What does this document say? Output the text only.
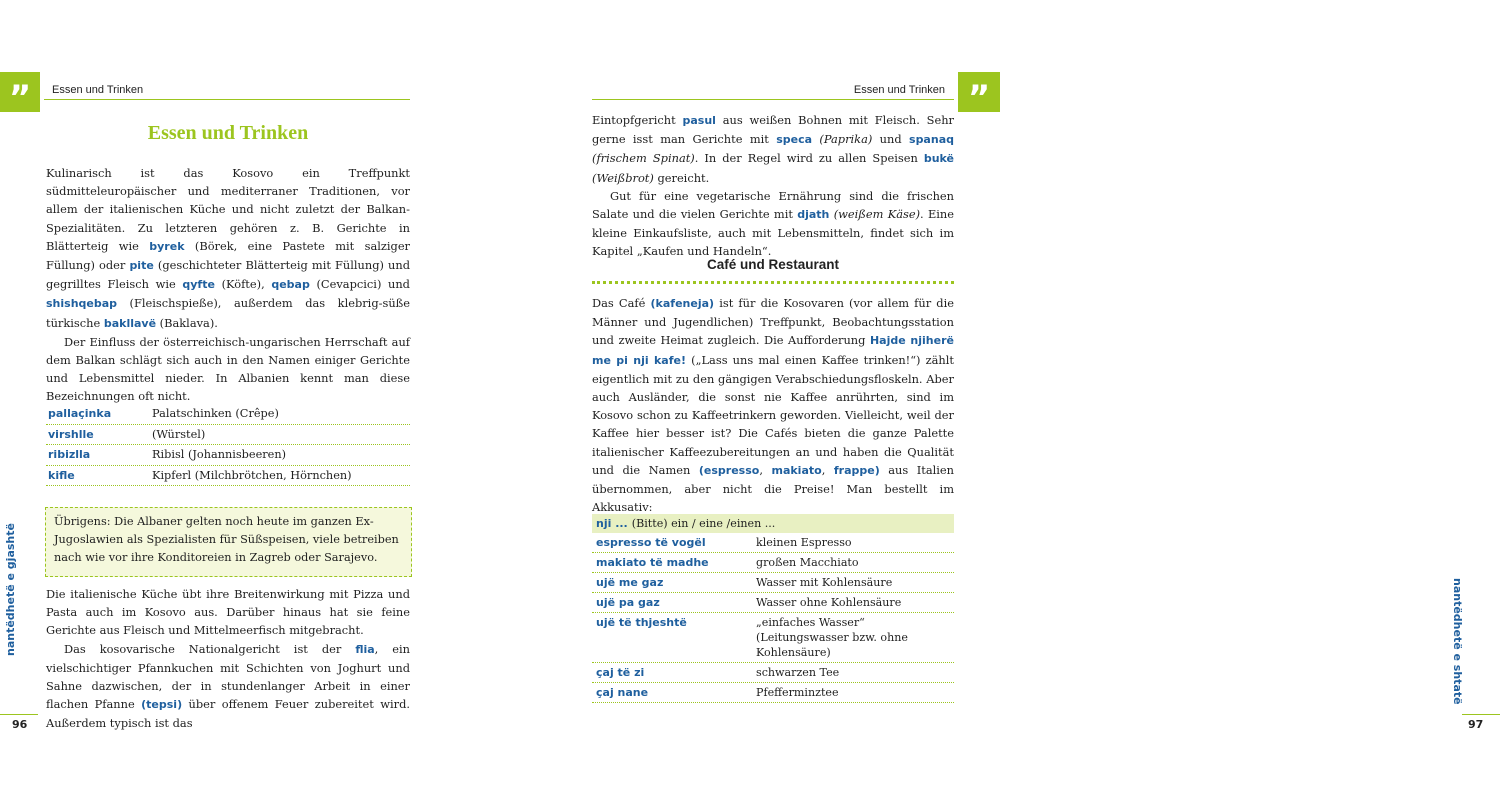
”	Essen und Trinken
Essen und Trinken

Kulinarisch ist das Kosovo ein Treffpunkt südmitteleuropäischer und mediterraner Traditionen, vor allem der italienischen Küche und nicht zuletzt der Balkan-Spezialitäten. Zu letzteren gehören z. B. Gerichte in Blätterteig wie byrek (Börek, eine Pastete mit salziger Füllung) oder pite (geschichteter Blätterteig mit Füllung) und gegrilltes Fleisch wie qyfte (Köfte), qebap (Cevapcici) und shishqebap (Fleischspieße), außerdem das klebrig-süße türkische bakllavë (Baklava).

Der Einfluss der österreichisch-ungarischen Herrschaft auf dem Balkan schlägt sich auch in den Namen einiger Gerichte und Lebensmittel nieder. In Albanien kennt man diese Bezeichnungen oft nicht.

pallaçinka	Palatschinken (Crêpe)
virshlle	(Würstel)
ribizlla	Ribisl (Johannisbeeren)
kifle	Kipferl (Milchbrötchen, Hörnchen)
Übrigens: Die Albaner gelten noch heute im ganzen Ex-Jugoslawien als Spezialisten für Süßspeisen, viele betreiben nach wie vor ihre Konditoreien in Zagreb oder Sarajevo.

Die italienische Küche übt ihre Breitenwirkung mit Pizza und Pasta auch im Kosovo aus. Darüber hinaus hat sie feine Gerichte aus Fleisch und Mittelmeerfisch mitgebracht.

Das kosovarische Nationalgericht ist der flia, ein vielschichtiger Pfannkuchen mit Schichten von Joghurt und Sahne dazwischen, der in stundenlanger Arbeit in einer flachen Pfanne (tepsi) über offenem Feuer zubereitet wird. Außerdem typisch ist das

nantëdhetë e gjashtë
96
”
Essen und Trinken

Eintopfgericht pasul aus weißen Bohnen mit Fleisch. Sehr gerne isst man Gerichte mit speca (Paprika) und spanaq (frischem Spinat). In der Regel wird zu allen Speisen bukë (Weißbrot) gereicht.

Gut für eine vegetarische Ernährung sind die frischen Salate und die vielen Gerichte mit djath (weißem Käse). Eine kleine Einkaufsliste, auch mit Lebensmitteln, findet sich im Kapitel „Kaufen und Handeln“.

Café und Restaurant

Das Café (kafeneja) ist für die Kosovaren (vor allem für die Männer und Jugendlichen) Treffpunkt, Beobachtungsstation und zweite Heimat zugleich. Die Aufforderung Hajde njiherë me pi nji kafe! („Lass uns mal einen Kaffee trinken!“) zählt eigentlich mit zu den gängigen Verabschiedungsfloskeln. Aber auch Ausländer, die sonst nie Kaffee anrührten, sind im Kosovo schon zu Kaffeetrinkern geworden. Vielleicht, weil der Kaffee hier besser ist? Die Cafés bieten die ganze Palette italienischer Kaffeezubereitungen an und haben die Qualität und die Namen (espresso, makiato, frappe) aus Italien übernommen, aber nicht die Preise! Man bestellt im Akkusativ:

nji ... (Bitte) ein / eine /einen ...
espresso të vogël	kleinen Espresso
makiato të madhe	großen Macchiato
ujë me gaz	Wasser mit Kohlensäure
ujë pa gaz	Wasser ohne Kohlensäure
ujë të thjeshtë	„einfaches Wasser“ (Leitungswasser bzw. ohne Kohlensäure)
çaj të zi	schwarzen Tee
çaj nane	Pfefferminztee	nantëdhetë e shtatë
97
